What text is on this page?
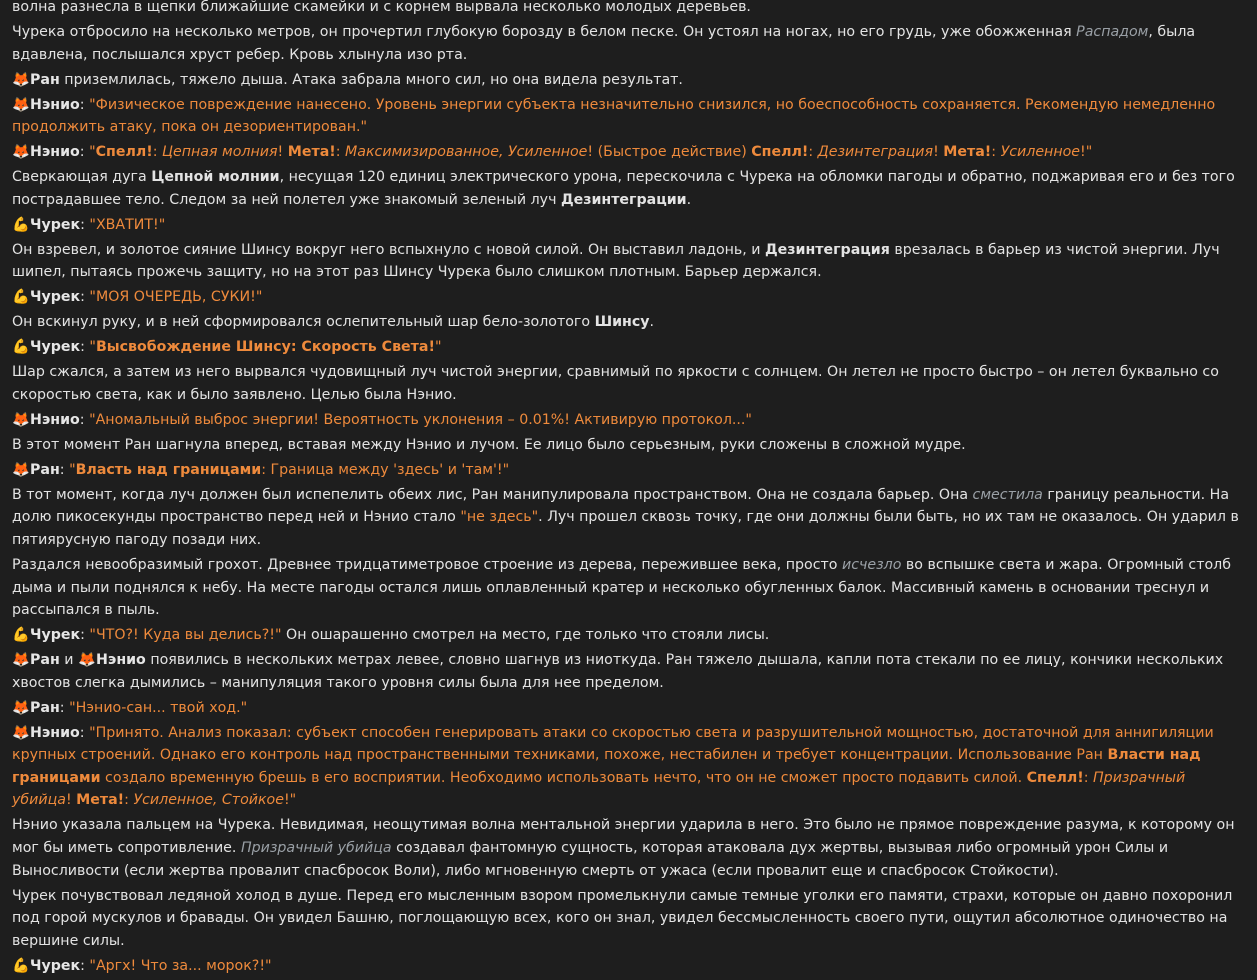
волна разнесла в щепки ближайшие скамейки и с корнем вырвала несколько молодых деревьев.
Чурека отбросило на несколько метров, он прочертил глубокую борозду в белом песке. Он устоял на ногах, но его грудь, уже обожженная Распадом, была вдавлена, послышался хруст ребер. Кровь хлынула изо рта.
🦊Ран приземлилась, тяжело дыша. Атака забрала много сил, но она видела результат.
🦊Нэнио: "Физическое повреждение нанесено. Уровень энергии субъекта незначительно снизился, но боеспособность сохраняется. Рекомендую немедленно продолжить атаку, пока он дезориентирован."
🦊Нэнио: "Спелл!: Цепная молния! Мета!: Максимизированное, Усиленное! (Быстрое действие) Спелл!: Дезинтеграция! Мета!: Усиленное!"
Сверкающая дуга Цепной молнии, несущая 120 единиц электрического урона, перескочила с Чурека на обломки пагоды и обратно, поджаривая его и без того пострадавшее тело. Следом за ней полетел уже знакомый зеленый луч Дезинтеграции.
💪Чурек: "ХВАТИТ!"
Он взревел, и золотое сияние Шинсу вокруг него вспыхнуло с новой силой. Он выставил ладонь, и Дезинтеграция врезалась в барьер из чистой энергии. Луч шипел, пытаясь прожечь защиту, но на этот раз Шинсу Чурека было слишком плотным. Барьер держался.
💪Чурек: "МОЯ ОЧЕРЕДЬ, СУКИ!"
Он вскинул руку, и в ней сформировался ослепительный шар бело-золотого Шинсу.
💪Чурек: "Высвобождение Шинсу: Скорость Света!"
Шар сжался, а затем из него вырвался чудовищный луч чистой энергии, сравнимый по яркости с солнцем. Он летел не просто быстро – он летел буквально со скоростью света, как и было заявлено. Целью была Нэнио.
🦊Нэнио: "Аномальный выброс энергии! Вероятность уклонения – 0.01%! Активирую протокол..."
В этот момент Ран шагнула вперед, вставая между Нэнио и лучом. Ее лицо было серьезным, руки сложены в сложной мудре.
🦊Ран: "Власть над границами: Граница между 'здесь' и 'там'!"
В тот момент, когда луч должен был испепелить обеих лис, Ран манипулировала пространством. Она не создала барьер. Она сместила границу реальности. На долю пикосекунды пространство перед ней и Нэнио стало "не здесь". Луч прошел сквозь точку, где они должны были быть, но их там не оказалось. Он ударил в пятиярусную пагоду позади них.
Раздался невообразимый грохот. Древнее тридцатиметровое строение из дерева, пережившее века, просто исчезло во вспышке света и жара. Огромный столб дыма и пыли поднялся к небу. На месте пагоды остался лишь оплавленный кратер и несколько обугленных балок. Массивный камень в основании треснул и рассыпался в пыль.
💪Чурек: "ЧТО?! Куда вы делись?!" Он ошарашенно смотрел на место, где только что стояли лисы.
🦊Ран и 🦊Нэнио появились в нескольких метрах левее, словно шагнув из ниоткуда. Ран тяжело дышала, капли пота стекали по ее лицу, кончики нескольких хвостов слегка дымились – манипуляция такого уровня силы была для нее пределом.
🦊Ран: "Нэнио-сан... твой ход."
🦊Нэнио: "Принято. Анализ показал: субъект способен генерировать атаки со скоростью света и разрушительной мощностью, достаточной для аннигиляции крупных строений. Однако его контроль над пространственными техниками, похоже, нестабилен и требует концентрации. Использование Ран Власти над границами создало временную брешь в его восприятии. Необходимо использовать нечто, что он не сможет просто подавить силой. Спелл!: Призрачный убийца! Мета!: Усиленное, Стойкое!"
Нэнио указала пальцем на Чурека. Невидимая, неощутимая волна ментальной энергии ударила в него. Это было не прямое повреждение разума, к которому он мог бы иметь сопротивление. Призрачный убийца создавал фантомную сущность, которая атаковала дух жертвы, вызывая либо огромный урон Силы и Выносливости (если жертва провалит спасбросок Воли), либо мгновенную смерть от ужаса (если провалит еще и спасбросок Стойкости).
Чурек почувствовал ледяной холод в душе. Перед его мысленным взором промелькнули самые темные уголки его памяти, страхи, которые он давно похоронил под горой мускулов и бравады. Он увидел Башню, поглощающую всех, кого он знал, увидел бессмысленность своего пути, ощутил абсолютное одиночество на вершине силы.
💪Чурек: "Аргх! Что за... морок?!"
